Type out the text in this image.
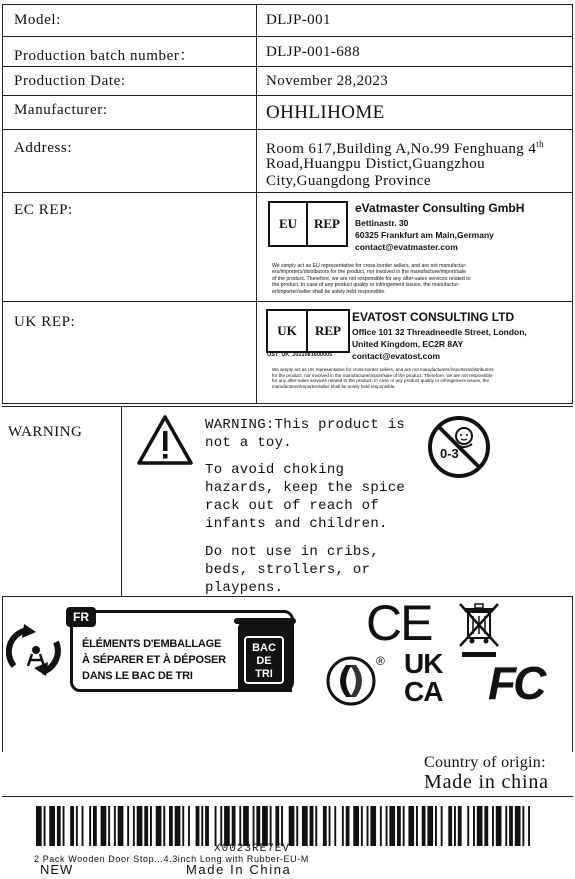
Model:	DLJP-001
Production batch number：	DLJP-001-688
Production Date:	November 28,2023
Manufacturer:	OHHLIHOME
Address:	Room 617,Building A,No.99 Fenghuang 4th
Road,Huangpu Distict,Guangzhou
City,Guangdong Province
EC REP:
EU	REP
eVatmaster Consulting GmbH
Bettinastr. 30
60325 Frankfurt am Main,Germany
contact@evatmaster.com
We simply act as EU representative for cross-border sellers, and are not manufactur-
ers/importers/distributors for the product, nor involved in the manufacture/import/sale
of the product. Therefore, we are not responsible for any after-sales services related to
the product. In case of any product quality or infringement issues, the manufactur-
er/importer/seller shall be solely held responsible.
UK REP:
UK	REP
OST_UK_2021081600005
EVATOST CONSULTING LTD
Office 101 32 Threadneedle Street, London,
United Kingdom, EC2R 8AY
contact@evatost.com
We simply act as UK representative for cross-border sellers, and are not manufacturers/importers/distributors
for the product, nor involved in the manufacture/import/sale of the product. Therefore, we are not responsible
for any after-sales services related to the product. In case of any product quality or infringement issues, the
manufacturer/importer/seller shall be solely held responsible.
WARNING	WARNING:This product is
not a toy.
To avoid choking
hazards, keep the spice
rack out of reach of
infants and children.
Do not use in cribs,
beds, strollers, or
playpens.
0-3
FR
ÉLÉMENTS D'EMBALLAGE
À SÉPARER ET À DÉPOSER
DANS LE BAC DE TRI
BAC
DE
TRI
CE
® UK
CA FC
Country of origin:
Made in china
X0023RE7EV
2 Pack Wooden Door Stop...4.3inch Long with Rubber-EU-M
NEW	Made In China
